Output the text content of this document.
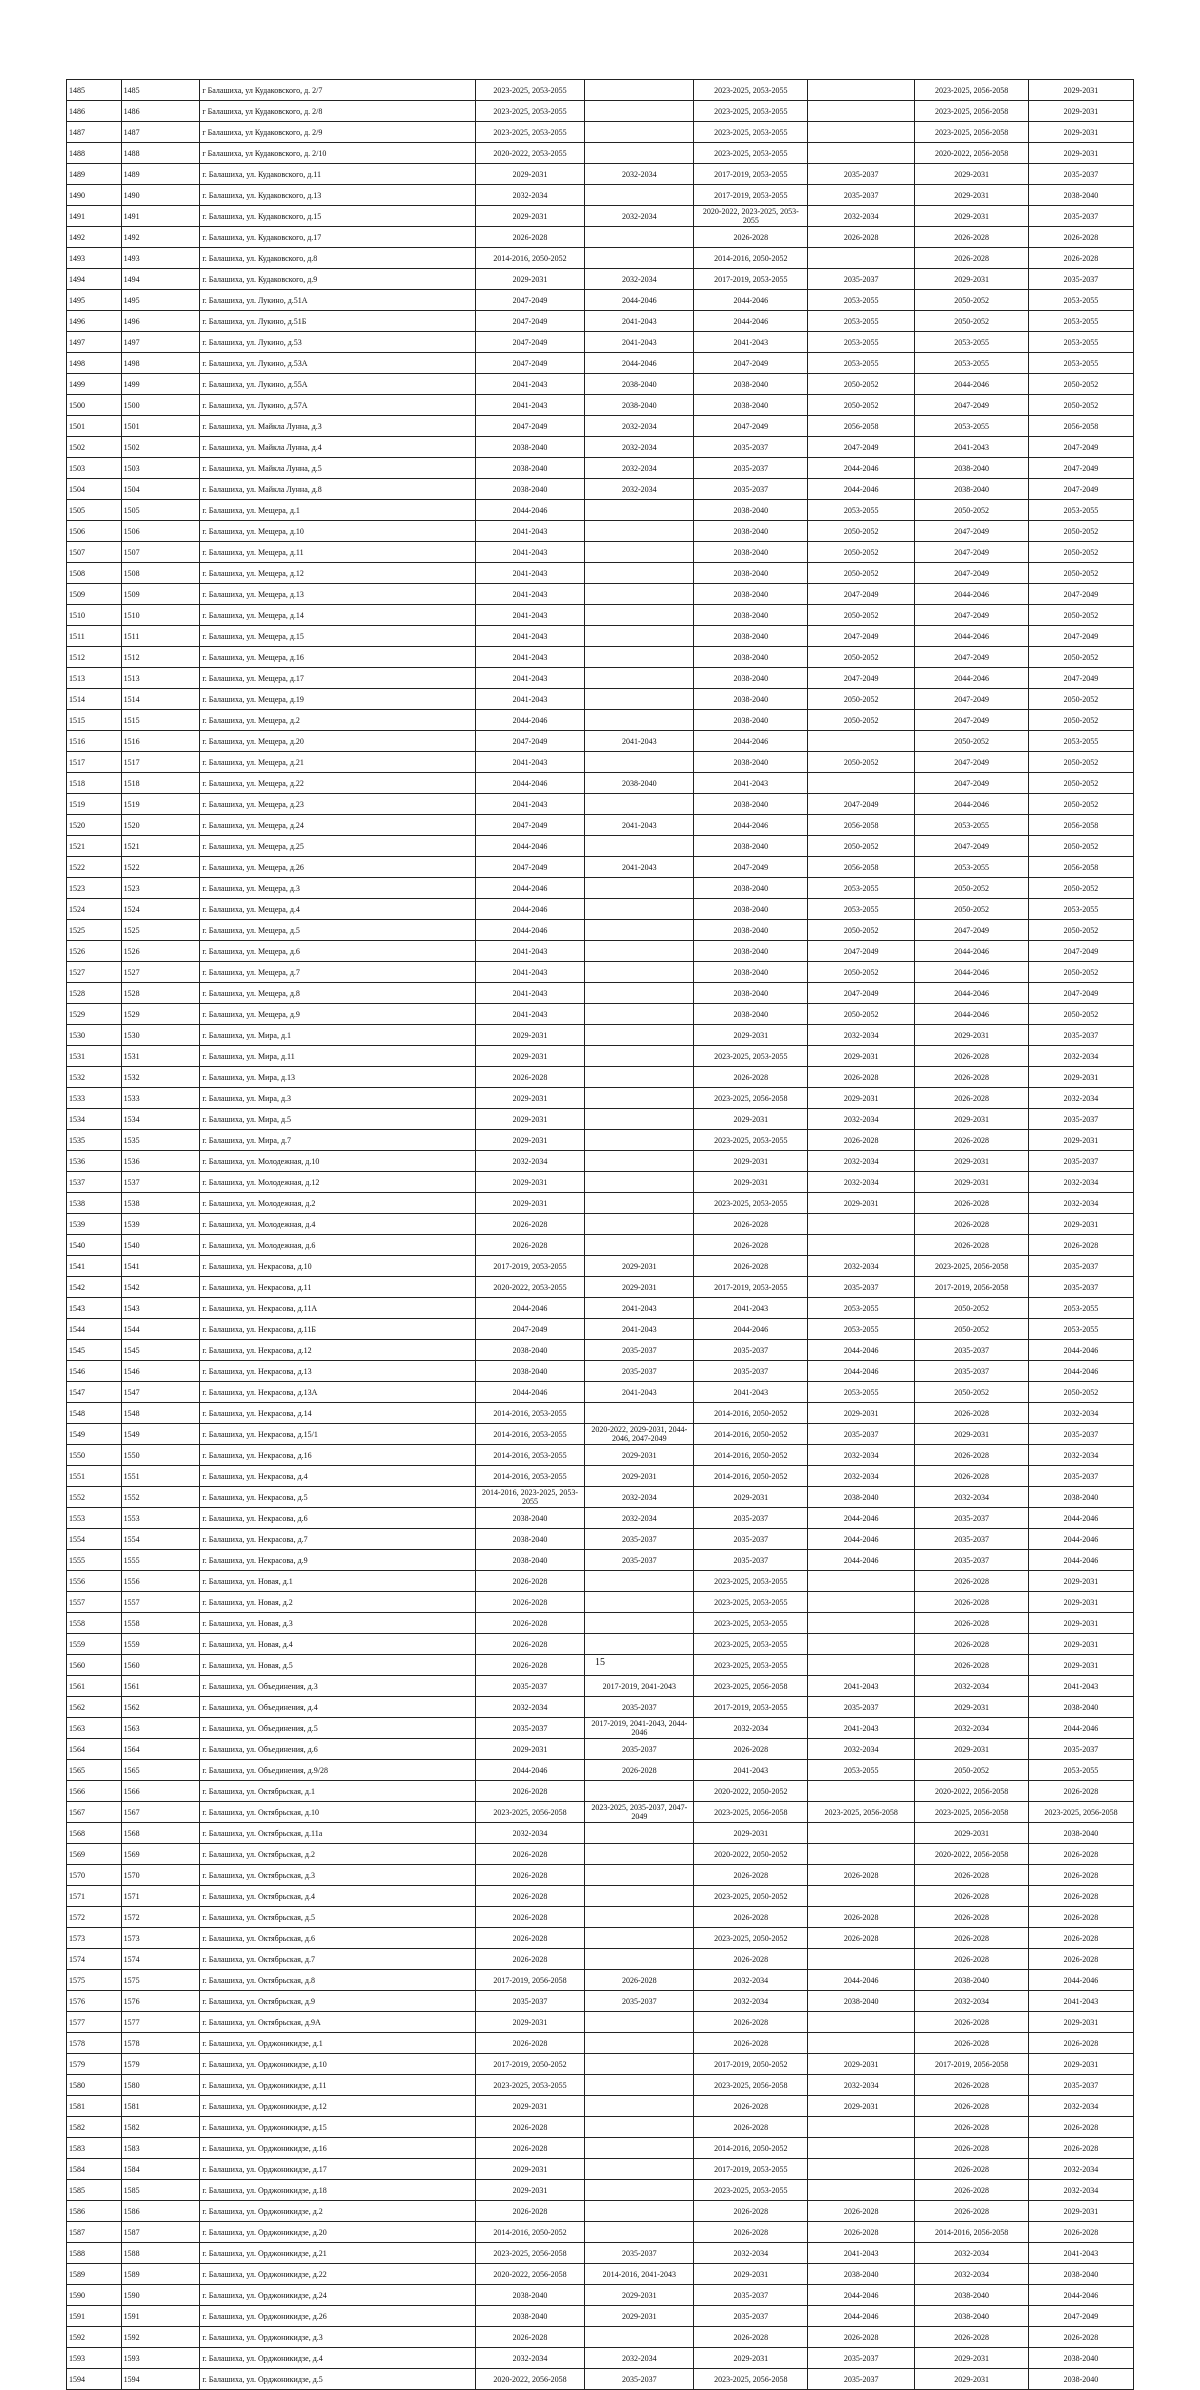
1485	1485	г Балашиха, ул Кудаковского, д. 2/7	2023-2025, 2053-2055		2023-2025, 2053-2055		2023-2025, 2056-2058	2029-2031
1486	1486	г Балашиха, ул Кудаковского, д. 2/8	2023-2025, 2053-2055		2023-2025, 2053-2055		2023-2025, 2056-2058	2029-2031
1487	1487	г Балашиха, ул Кудаковского, д. 2/9	2023-2025, 2053-2055		2023-2025, 2053-2055		2023-2025, 2056-2058	2029-2031
1488	1488	г Балашиха, ул Кудаковского, д. 2/10	2020-2022, 2053-2055		2023-2025, 2053-2055		2020-2022, 2056-2058	2029-2031
1489	1489	г. Балашиха, ул. Кудаковского, д.11	2029-2031	2032-2034	2017-2019, 2053-2055	2035-2037	2029-2031	2035-2037
1490	1490	г. Балашиха, ул. Кудаковского, д.13	2032-2034		2017-2019, 2053-2055	2035-2037	2029-2031	2038-2040
1491	1491	г. Балашиха, ул. Кудаковского, д.15	2029-2031	2032-2034	2020-2022, 2023-2025, 2053-2055	2032-2034	2029-2031	2035-2037
1492	1492	г. Балашиха, ул. Кудаковского, д.17	2026-2028		2026-2028	2026-2028	2026-2028	2026-2028
1493	1493	г. Балашиха, ул. Кудаковского, д.8	2014-2016, 2050-2052		2014-2016, 2050-2052		2026-2028	2026-2028
1494	1494	г. Балашиха, ул. Кудаковского, д.9	2029-2031	2032-2034	2017-2019, 2053-2055	2035-2037	2029-2031	2035-2037
1495	1495	г. Балашиха, ул. Лукино, д.51А	2047-2049	2044-2046	2044-2046	2053-2055	2050-2052	2053-2055
1496	1496	г. Балашиха, ул. Лукино, д.51Б	2047-2049	2041-2043	2044-2046	2053-2055	2050-2052	2053-2055
1497	1497	г. Балашиха, ул. Лукино, д.53	2047-2049	2041-2043	2041-2043	2053-2055	2053-2055	2053-2055
1498	1498	г. Балашиха, ул. Лукино, д.53А	2047-2049	2044-2046	2047-2049	2053-2055	2053-2055	2053-2055
1499	1499	г. Балашиха, ул. Лукино, д.55А	2041-2043	2038-2040	2038-2040	2050-2052	2044-2046	2050-2052
1500	1500	г. Балашиха, ул. Лукино, д.57А	2041-2043	2038-2040	2038-2040	2050-2052	2047-2049	2050-2052
1501	1501	г. Балашиха, ул. Майкла Лунна, д.3	2047-2049	2032-2034	2047-2049	2056-2058	2053-2055	2056-2058
1502	1502	г. Балашиха, ул. Майкла Лунна, д.4	2038-2040	2032-2034	2035-2037	2047-2049	2041-2043	2047-2049
1503	1503	г. Балашиха, ул. Майкла Лунна, д.5	2038-2040	2032-2034	2035-2037	2044-2046	2038-2040	2047-2049
1504	1504	г. Балашиха, ул. Майкла Лунна, д.8	2038-2040	2032-2034	2035-2037	2044-2046	2038-2040	2047-2049
1505	1505	г. Балашиха, ул. Мещера, д.1	2044-2046		2038-2040	2053-2055	2050-2052	2053-2055
1506	1506	г. Балашиха, ул. Мещера, д.10	2041-2043		2038-2040	2050-2052	2047-2049	2050-2052
1507	1507	г. Балашиха, ул. Мещера, д.11	2041-2043		2038-2040	2050-2052	2047-2049	2050-2052
1508	1508	г. Балашиха, ул. Мещера, д.12	2041-2043		2038-2040	2050-2052	2047-2049	2050-2052
1509	1509	г. Балашиха, ул. Мещера, д.13	2041-2043		2038-2040	2047-2049	2044-2046	2047-2049
1510	1510	г. Балашиха, ул. Мещера, д.14	2041-2043		2038-2040	2050-2052	2047-2049	2050-2052
1511	1511	г. Балашиха, ул. Мещера, д.15	2041-2043		2038-2040	2047-2049	2044-2046	2047-2049
1512	1512	г. Балашиха, ул. Мещера, д.16	2041-2043		2038-2040	2050-2052	2047-2049	2050-2052
1513	1513	г. Балашиха, ул. Мещера, д.17	2041-2043		2038-2040	2047-2049	2044-2046	2047-2049
1514	1514	г. Балашиха, ул. Мещера, д.19	2041-2043		2038-2040	2050-2052	2047-2049	2050-2052
1515	1515	г. Балашиха, ул. Мещера, д.2	2044-2046		2038-2040	2050-2052	2047-2049	2050-2052
1516	1516	г. Балашиха, ул. Мещера, д.20	2047-2049	2041-2043	2044-2046		2050-2052	2053-2055
1517	1517	г. Балашиха, ул. Мещера, д.21	2041-2043		2038-2040	2050-2052	2047-2049	2050-2052
1518	1518	г. Балашиха, ул. Мещера, д.22	2044-2046	2038-2040	2041-2043		2047-2049	2050-2052
1519	1519	г. Балашиха, ул. Мещера, д.23	2041-2043		2038-2040	2047-2049	2044-2046	2050-2052
1520	1520	г. Балашиха, ул. Мещера, д.24	2047-2049	2041-2043	2044-2046	2056-2058	2053-2055	2056-2058
1521	1521	г. Балашиха, ул. Мещера, д.25	2044-2046		2038-2040	2050-2052	2047-2049	2050-2052
1522	1522	г. Балашиха, ул. Мещера, д.26	2047-2049	2041-2043	2047-2049	2056-2058	2053-2055	2056-2058
1523	1523	г. Балашиха, ул. Мещера, д.3	2044-2046		2038-2040	2053-2055	2050-2052	2050-2052
1524	1524	г. Балашиха, ул. Мещера, д.4	2044-2046		2038-2040	2053-2055	2050-2052	2053-2055
1525	1525	г. Балашиха, ул. Мещера, д.5	2044-2046		2038-2040	2050-2052	2047-2049	2050-2052
1526	1526	г. Балашиха, ул. Мещера, д.6	2041-2043		2038-2040	2047-2049	2044-2046	2047-2049
1527	1527	г. Балашиха, ул. Мещера, д.7	2041-2043		2038-2040	2050-2052	2044-2046	2050-2052
1528	1528	г. Балашиха, ул. Мещера, д.8	2041-2043		2038-2040	2047-2049	2044-2046	2047-2049
1529	1529	г. Балашиха, ул. Мещера, д.9	2041-2043		2038-2040	2050-2052	2044-2046	2050-2052
1530	1530	г. Балашиха, ул. Мира, д.1	2029-2031		2029-2031	2032-2034	2029-2031	2035-2037
1531	1531	г. Балашиха, ул. Мира, д.11	2029-2031		2023-2025, 2053-2055	2029-2031	2026-2028	2032-2034
1532	1532	г. Балашиха, ул. Мира, д.13	2026-2028		2026-2028	2026-2028	2026-2028	2029-2031
1533	1533	г. Балашиха, ул. Мира, д.3	2029-2031		2023-2025, 2056-2058	2029-2031	2026-2028	2032-2034
1534	1534	г. Балашиха, ул. Мира, д.5	2029-2031		2029-2031	2032-2034	2029-2031	2035-2037
1535	1535	г. Балашиха, ул. Мира, д.7	2029-2031		2023-2025, 2053-2055	2026-2028	2026-2028	2029-2031
1536	1536	г. Балашиха, ул. Молодежная, д.10	2032-2034		2029-2031	2032-2034	2029-2031	2035-2037
1537	1537	г. Балашиха, ул. Молодежная, д.12	2029-2031		2029-2031	2032-2034	2029-2031	2032-2034
1538	1538	г. Балашиха, ул. Молодежная, д.2	2029-2031		2023-2025, 2053-2055	2029-2031	2026-2028	2032-2034
1539	1539	г. Балашиха, ул. Молодежная, д.4	2026-2028		2026-2028		2026-2028	2029-2031
1540	1540	г. Балашиха, ул. Молодежная, д.6	2026-2028		2026-2028		2026-2028	2026-2028
1541	1541	г. Балашиха, ул. Некрасова, д.10	2017-2019, 2053-2055	2029-2031	2026-2028	2032-2034	2023-2025, 2056-2058	2035-2037
1542	1542	г. Балашиха, ул. Некрасова, д.11	2020-2022, 2053-2055	2029-2031	2017-2019, 2053-2055	2035-2037	2017-2019, 2056-2058	2035-2037
1543	1543	г. Балашиха, ул. Некрасова, д.11А	2044-2046	2041-2043	2041-2043	2053-2055	2050-2052	2053-2055
1544	1544	г. Балашиха, ул. Некрасова, д.11Б	2047-2049	2041-2043	2044-2046	2053-2055	2050-2052	2053-2055
1545	1545	г. Балашиха, ул. Некрасова, д.12	2038-2040	2035-2037	2035-2037	2044-2046	2035-2037	2044-2046
1546	1546	г. Балашиха, ул. Некрасова, д.13	2038-2040	2035-2037	2035-2037	2044-2046	2035-2037	2044-2046
1547	1547	г. Балашиха, ул. Некрасова, д.13А	2044-2046	2041-2043	2041-2043	2053-2055	2050-2052	2050-2052
1548	1548	г. Балашиха, ул. Некрасова, д.14	2014-2016, 2053-2055		2014-2016, 2050-2052	2029-2031	2026-2028	2032-2034
1549	1549	г. Балашиха, ул. Некрасова, д.15/1	2014-2016, 2053-2055	2020-2022, 2029-2031, 2044-2046, 2047-2049	2014-2016, 2050-2052	2035-2037	2029-2031	2035-2037
1550	1550	г. Балашиха, ул. Некрасова, д.16	2014-2016, 2053-2055	2029-2031	2014-2016, 2050-2052	2032-2034	2026-2028	2032-2034
1551	1551	г. Балашиха, ул. Некрасова, д.4	2014-2016, 2053-2055	2029-2031	2014-2016, 2050-2052	2032-2034	2026-2028	2035-2037
1552	1552	г. Балашиха, ул. Некрасова, д.5	2014-2016, 2023-2025, 2053-2055	2032-2034	2029-2031	2038-2040	2032-2034	2038-2040
1553	1553	г. Балашиха, ул. Некрасова, д.6	2038-2040	2032-2034	2035-2037	2044-2046	2035-2037	2044-2046
1554	1554	г. Балашиха, ул. Некрасова, д.7	2038-2040	2035-2037	2035-2037	2044-2046	2035-2037	2044-2046
1555	1555	г. Балашиха, ул. Некрасова, д.9	2038-2040	2035-2037	2035-2037	2044-2046	2035-2037	2044-2046
1556	1556	г. Балашиха, ул. Новая, д.1	2026-2028		2023-2025, 2053-2055		2026-2028	2029-2031
1557	1557	г. Балашиха, ул. Новая, д.2	2026-2028		2023-2025, 2053-2055		2026-2028	2029-2031
1558	1558	г. Балашиха, ул. Новая, д.3	2026-2028		2023-2025, 2053-2055		2026-2028	2029-2031
1559	1559	г. Балашиха, ул. Новая, д.4	2026-2028		2023-2025, 2053-2055		2026-2028	2029-2031
1560	1560	г. Балашиха, ул. Новая, д.5	2026-2028		2023-2025, 2053-2055		2026-2028	2029-2031
1561	1561	г. Балашиха, ул. Объединения, д.3	2035-2037	2017-2019, 2041-2043	2023-2025, 2056-2058	2041-2043	2032-2034	2041-2043
1562	1562	г. Балашиха, ул. Объединения, д.4	2032-2034	2035-2037	2017-2019, 2053-2055	2035-2037	2029-2031	2038-2040
1563	1563	г. Балашиха, ул. Объединения, д.5	2035-2037	2017-2019, 2041-2043, 2044-2046	2032-2034	2041-2043	2032-2034	2044-2046
1564	1564	г. Балашиха, ул. Объединения, д.6	2029-2031	2035-2037	2026-2028	2032-2034	2029-2031	2035-2037
1565	1565	г. Балашиха, ул. Объединения, д.9/28	2044-2046	2026-2028	2041-2043	2053-2055	2050-2052	2053-2055
1566	1566	г. Балашиха, ул. Октябрьская, д.1	2026-2028		2020-2022, 2050-2052		2020-2022, 2056-2058	2026-2028
1567	1567	г. Балашиха, ул. Октябрьская, д.10	2023-2025, 2056-2058	2023-2025, 2035-2037, 2047-2049	2023-2025, 2056-2058	2023-2025, 2056-2058	2023-2025, 2056-2058	2023-2025, 2056-2058
1568	1568	г. Балашиха, ул. Октябрьская, д.11а	2032-2034		2029-2031		2029-2031	2038-2040
1569	1569	г. Балашиха, ул. Октябрьская, д.2	2026-2028		2020-2022, 2050-2052		2020-2022, 2056-2058	2026-2028
1570	1570	г. Балашиха, ул. Октябрьская, д.3	2026-2028		2026-2028	2026-2028	2026-2028	2026-2028
1571	1571	г. Балашиха, ул. Октябрьская, д.4	2026-2028		2023-2025, 2050-2052		2026-2028	2026-2028
1572	1572	г. Балашиха, ул. Октябрьская, д.5	2026-2028		2026-2028	2026-2028	2026-2028	2026-2028
1573	1573	г. Балашиха, ул. Октябрьская, д.6	2026-2028		2023-2025, 2050-2052	2026-2028	2026-2028	2026-2028
1574	1574	г. Балашиха, ул. Октябрьская, д.7	2026-2028		2026-2028		2026-2028	2026-2028
1575	1575	г. Балашиха, ул. Октябрьская, д.8	2017-2019, 2056-2058	2026-2028	2032-2034	2044-2046	2038-2040	2044-2046
1576	1576	г. Балашиха, ул. Октябрьская, д.9	2035-2037	2035-2037	2032-2034	2038-2040	2032-2034	2041-2043
1577	1577	г. Балашиха, ул. Октябрьская, д.9А	2029-2031		2026-2028		2026-2028	2029-2031
1578	1578	г. Балашиха, ул. Орджоникидзе, д.1	2026-2028		2026-2028		2026-2028	2026-2028
1579	1579	г. Балашиха, ул. Орджоникидзе, д.10	2017-2019, 2050-2052		2017-2019, 2050-2052	2029-2031	2017-2019, 2056-2058	2029-2031
1580	1580	г. Балашиха, ул. Орджоникидзе, д.11	2023-2025, 2053-2055		2023-2025, 2056-2058	2032-2034	2026-2028	2035-2037
1581	1581	г. Балашиха, ул. Орджоникидзе, д.12	2029-2031		2026-2028	2029-2031	2026-2028	2032-2034
1582	1582	г. Балашиха, ул. Орджоникидзе, д.15	2026-2028		2026-2028		2026-2028	2026-2028
1583	1583	г. Балашиха, ул. Орджоникидзе, д.16	2026-2028		2014-2016, 2050-2052		2026-2028	2026-2028
1584	1584	г. Балашиха, ул. Орджоникидзе, д.17	2029-2031		2017-2019, 2053-2055		2026-2028	2032-2034
1585	1585	г. Балашиха, ул. Орджоникидзе, д.18	2029-2031		2023-2025, 2053-2055		2026-2028	2032-2034
1586	1586	г. Балашиха, ул. Орджоникидзе, д.2	2026-2028		2026-2028	2026-2028	2026-2028	2029-2031
1587	1587	г. Балашиха, ул. Орджоникидзе, д.20	2014-2016, 2050-2052		2026-2028	2026-2028	2014-2016, 2056-2058	2026-2028
1588	1588	г. Балашиха, ул. Орджоникидзе, д.21	2023-2025, 2056-2058	2035-2037	2032-2034	2041-2043	2032-2034	2041-2043
1589	1589	г. Балашиха, ул. Орджоникидзе, д.22	2020-2022, 2056-2058	2014-2016, 2041-2043	2029-2031	2038-2040	2032-2034	2038-2040
1590	1590	г. Балашиха, ул. Орджоникидзе, д.24	2038-2040	2029-2031	2035-2037	2044-2046	2038-2040	2044-2046
1591	1591	г. Балашиха, ул. Орджоникидзе, д.26	2038-2040	2029-2031	2035-2037	2044-2046	2038-2040	2047-2049
1592	1592	г. Балашиха, ул. Орджоникидзе, д.3	2026-2028		2026-2028	2026-2028	2026-2028	2026-2028
1593	1593	г. Балашиха, ул. Орджоникидзе, д.4	2032-2034	2032-2034	2029-2031	2035-2037	2029-2031	2038-2040
1594	1594	г. Балашиха, ул. Орджоникидзе, д.5	2020-2022, 2056-2058	2035-2037	2023-2025, 2056-2058	2035-2037	2029-2031	2038-2040
15
